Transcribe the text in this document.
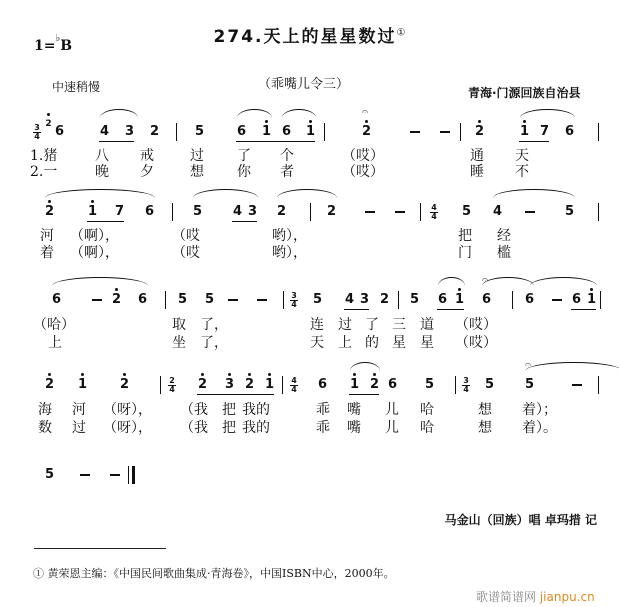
274.天上的星星数过①
1=♭B
中速稍慢	（乖嘴儿令三）
青海·门源回族自治县
3
4
2 6	4 3 2	5	6 1 6 1	2
𝄐
2	1 7 6
1.猪	八 戒	过 了 个	（哎）	通 天
2.一	晚 夕	想 你 者	（哎）	睡 不
2	1 7 6	5 4 3 2	2	4
4 5 4	5
河 （啊），	（哎	哟），	把 经
着 （啊），	（哎	哟），	门 槛
6	2 6 5 5	3
4 5 4 3 2 5 6 1 6
𝄐
6	6 1
（哈）	取 了，	连 过 了 三 道 （哎）
上	坐 了，	天 上 的 星 星 （哎）
2 1	2	2
4 2 3 2 1 4
4 6 1 2 6 5	3
4 5 5
𝄐
海 河 （呀）， （我 把 我的	乖 嘴 儿 哈	想 着）；
数 过 （呀）， （我 把 我的	乖 嘴 儿 哈	想 着）。
5
马金山（回族）唱 卓玛措 记
① 黄荣恩主编：《中国民间歌曲集成·青海卷》，中国ISBN中心，2000年。
歌谱简谱网 jianpu.cn
